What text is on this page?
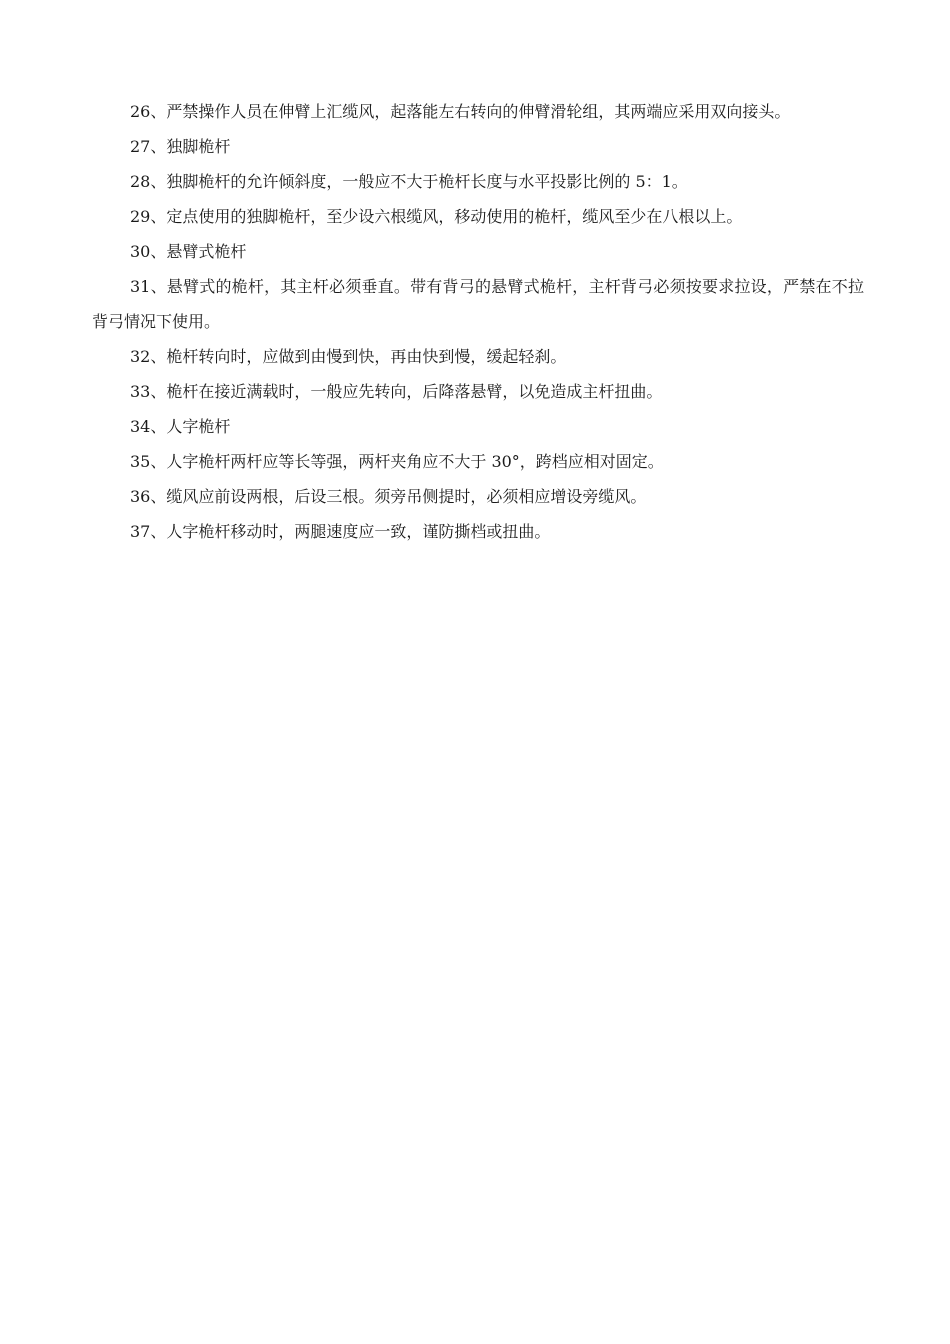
26、严禁操作人员在伸臂上汇缆风，起落能左右转向的伸臂滑轮组，其两端应采用双向接头。

27、独脚桅杆

28、独脚桅杆的允许倾斜度，一般应不大于桅杆长度与水平投影比例的 5：1。

29、定点使用的独脚桅杆，至少设六根缆风，移动使用的桅杆，缆风至少在八根以上。

30、悬臂式桅杆

31、悬臂式的桅杆，其主杆必须垂直。带有背弓的悬臂式桅杆，主杆背弓必须按要求拉设，严禁在不拉背弓情况下使用。

32、桅杆转向时，应做到由慢到快，再由快到慢，缓起轻刹。

33、桅杆在接近满载时，一般应先转向，后降落悬臂，以免造成主杆扭曲。

34、人字桅杆

35、人字桅杆两杆应等长等强，两杆夹角应不大于 30°，跨档应相对固定。

36、缆风应前设两根，后设三根。须旁吊侧提时，必须相应增设旁缆风。

37、人字桅杆移动时，两腿速度应一致，谨防撕档或扭曲。
